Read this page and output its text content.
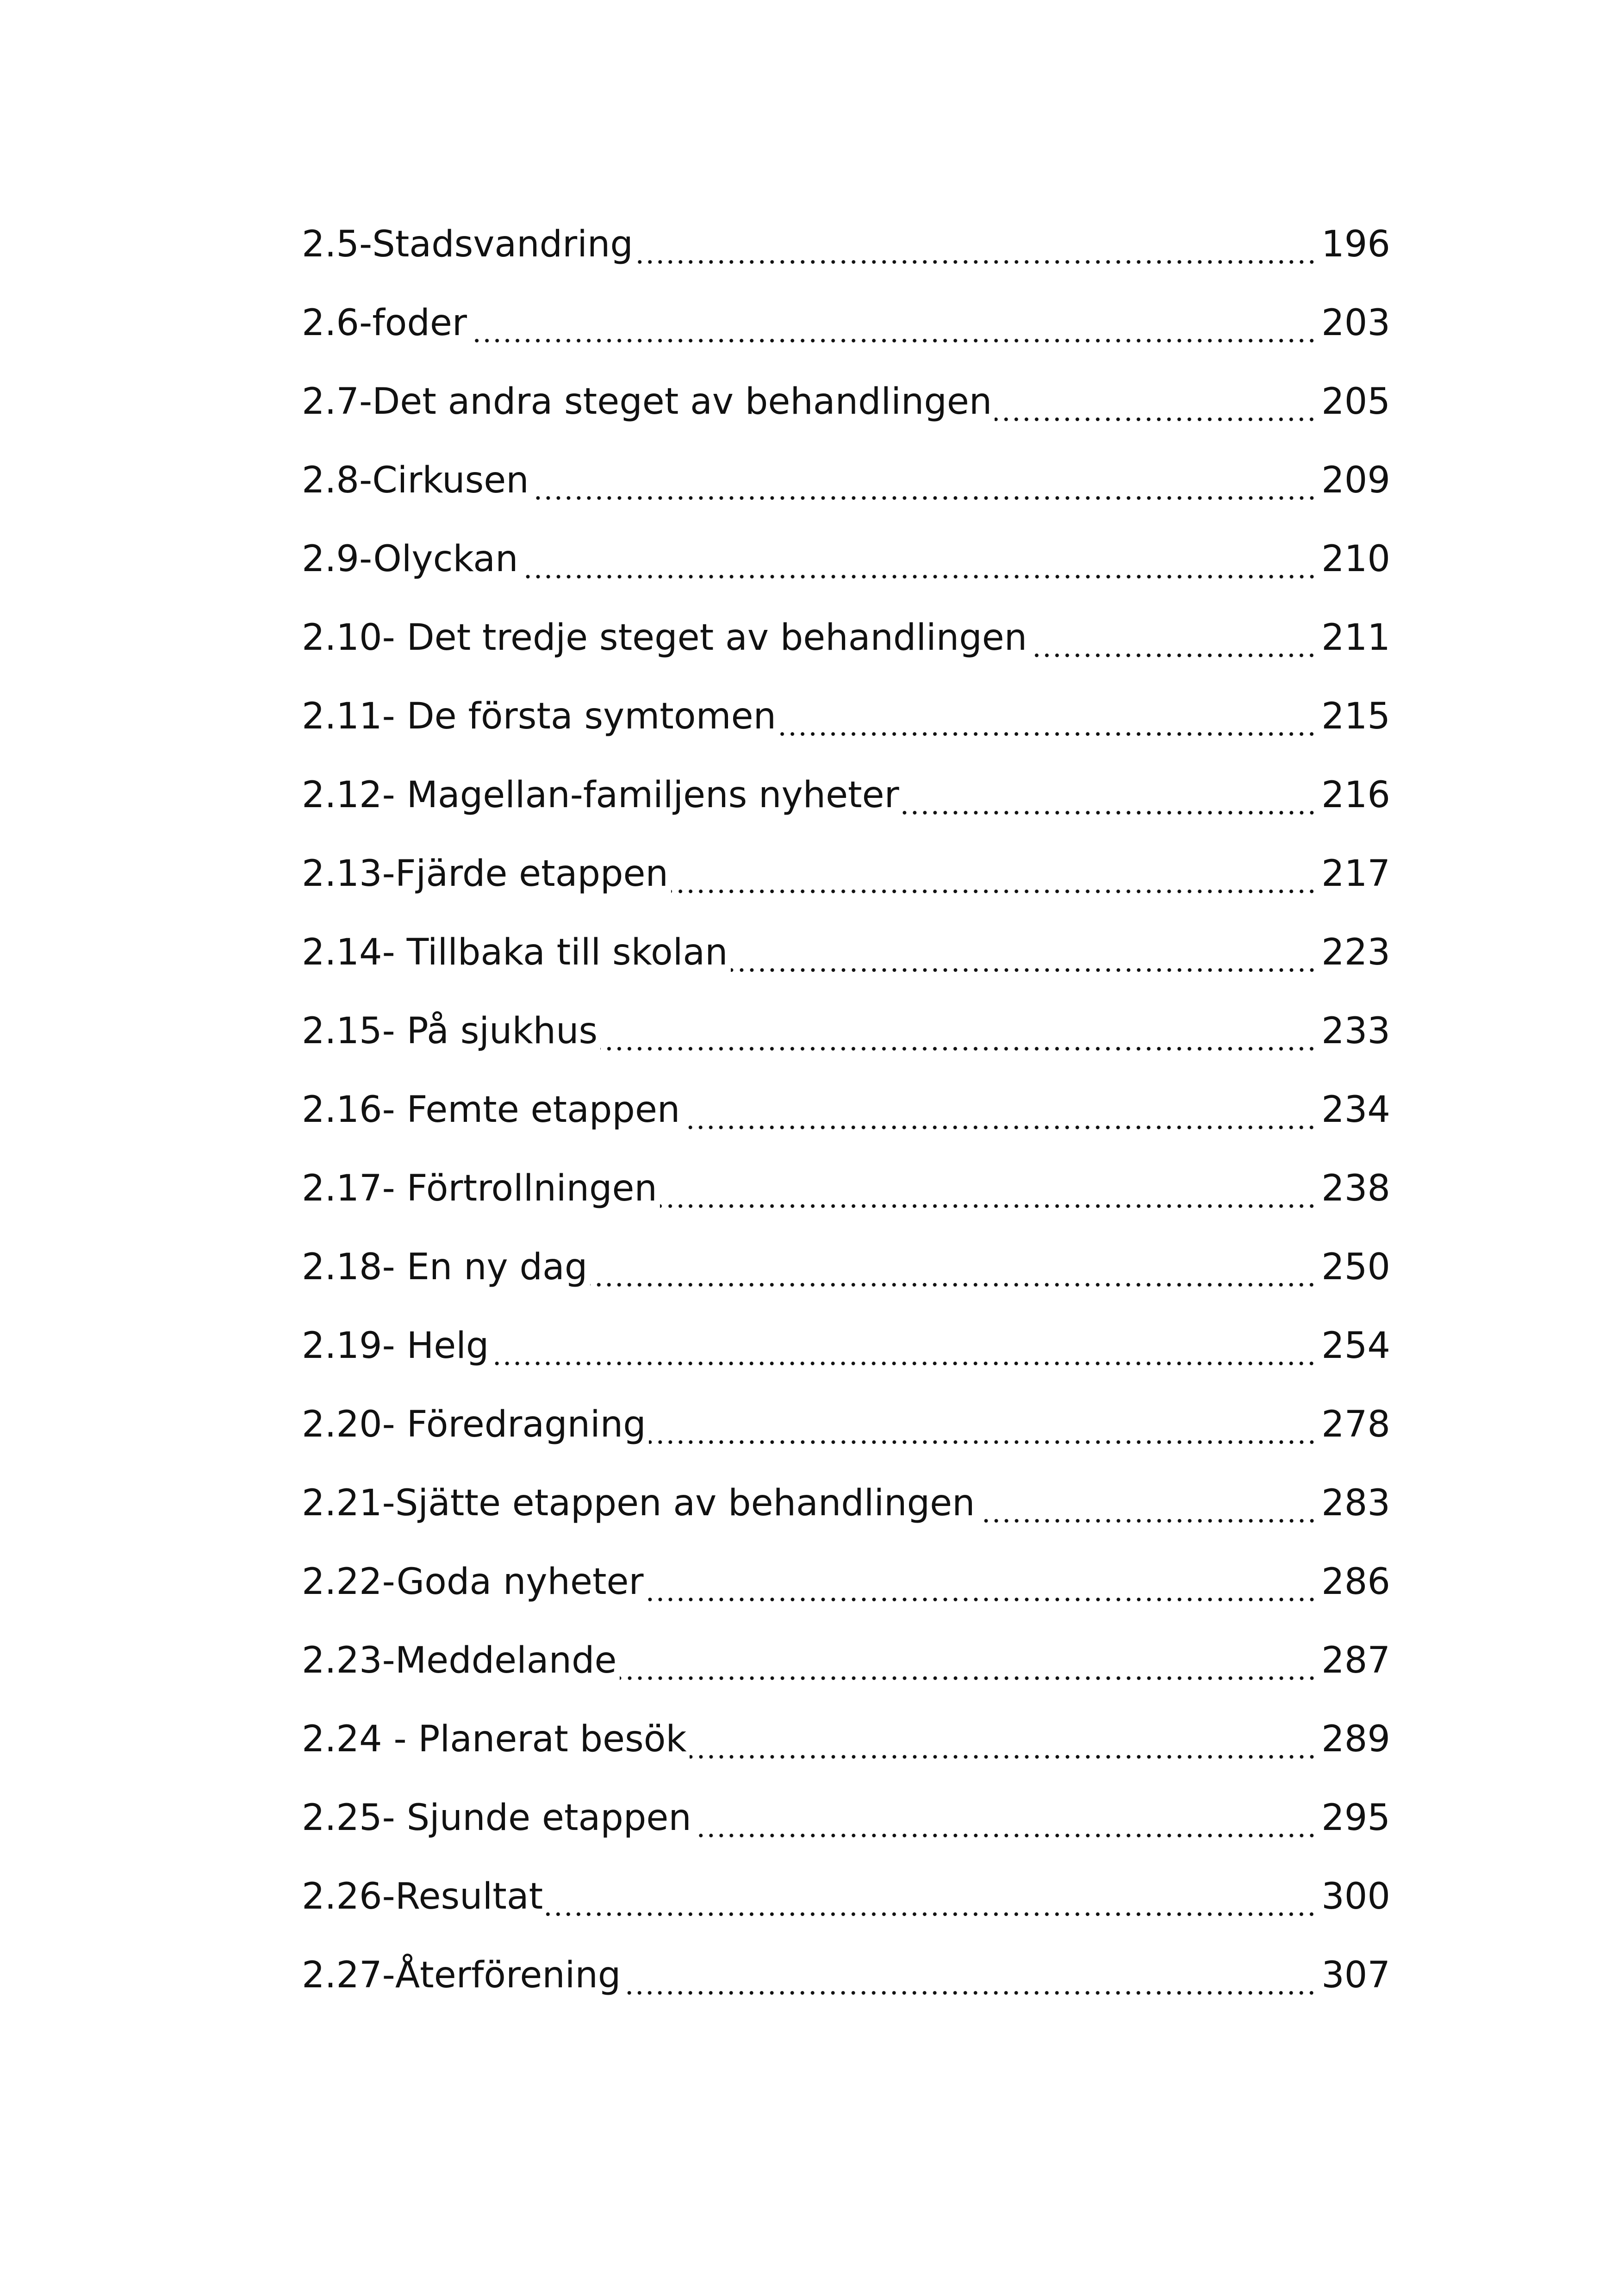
2.5-Stadsvandring	196
2.6-foder	203
2.7-Det andra steget av behandlingen	205
2.8-Cirkusen	209
2.9-Olyckan	210
2.10- Det tredje steget av behandlingen	211
2.11- De första symtomen	215
2.12- Magellan-familjens nyheter	216
2.13-Fjärde etappen	217
2.14- Tillbaka till skolan	223
2.15- På sjukhus	233
2.16- Femte etappen	234
2.17- Förtrollningen	238
2.18- En ny dag	250
2.19- Helg	254
2.20- Föredragning	278
2.21-Sjätte etappen av behandlingen	283
2.22-Goda nyheter	286
2.23-Meddelande	287
2.24 - Planerat besök	289
2.25- Sjunde etappen	295
2.26-Resultat	300
2.27-Återförening	307
